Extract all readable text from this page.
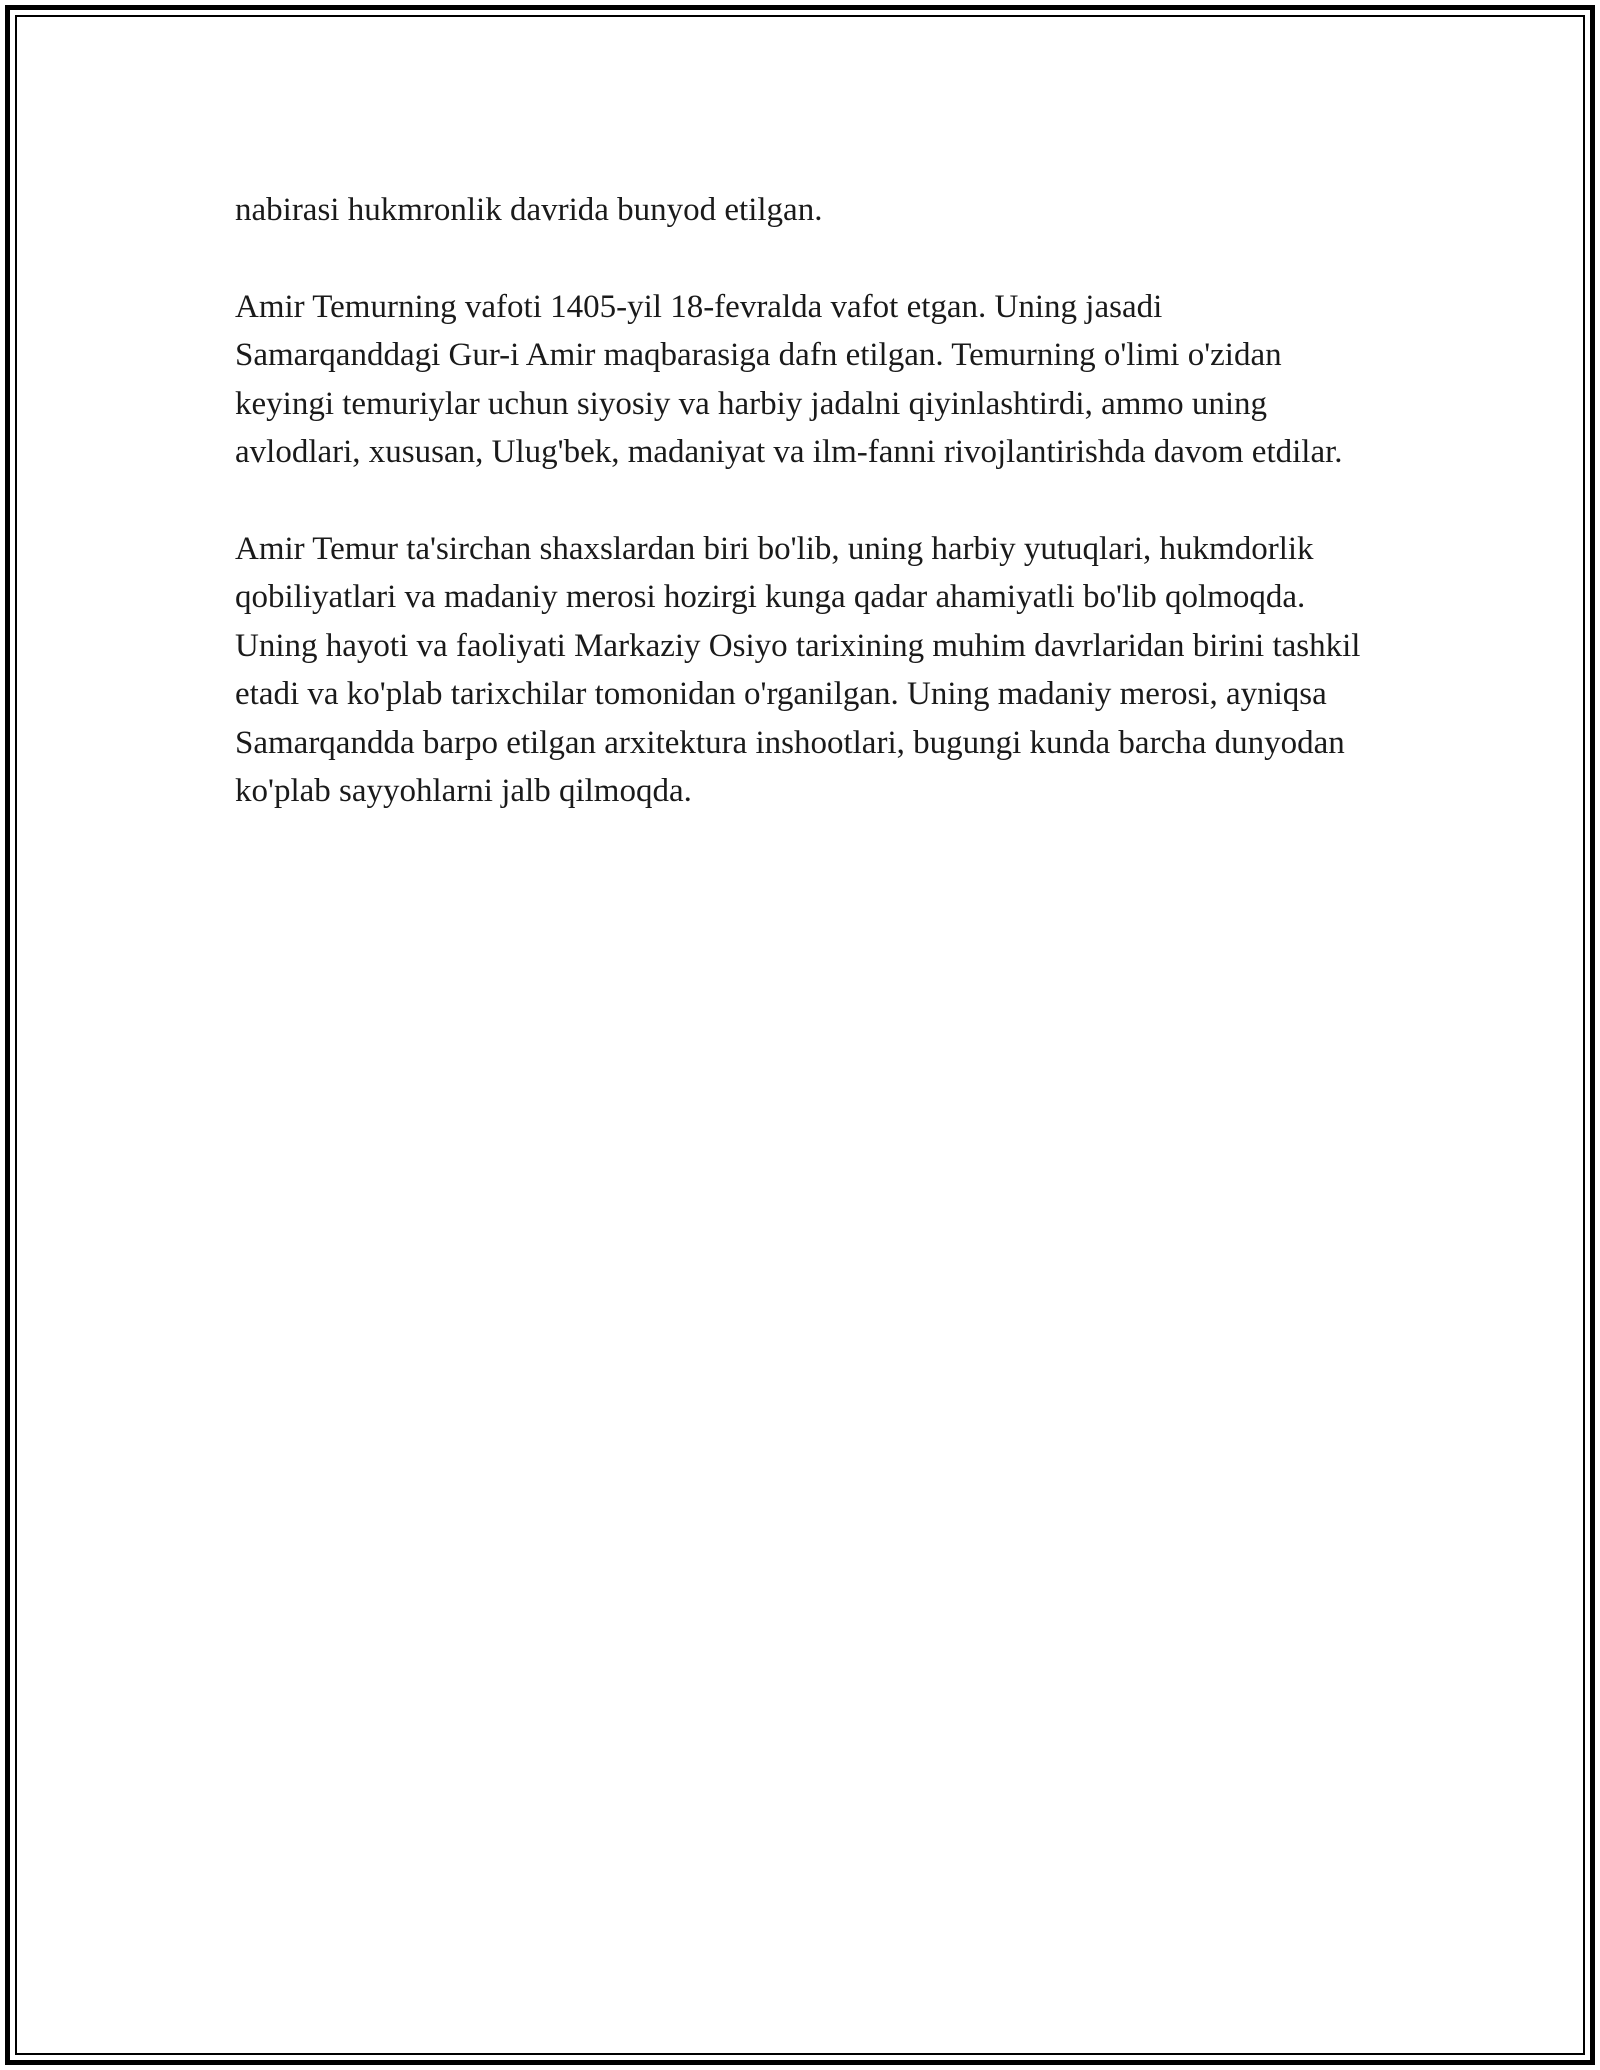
nabirasi hukmronlik davrida bunyod etilgan.

Amir Temurning vafoti 1405-yil 18-fevralda vafot etgan. Uning jasadi Samarqanddagi Gur-i Amir maqbarasiga dafn etilgan. Temurning o'limi o'zidan keyingi temuriylar uchun siyosiy va harbiy jadalni qiyinlashtirdi, ammo uning avlodlari, xususan, Ulug'bek, madaniyat va ilm-fanni rivojlantirishda davom etdilar.

Amir Temur ta'sirchan shaxslardan biri bo'lib, uning harbiy yutuqlari, hukmdorlik qobiliyatlari va madaniy merosi hozirgi kunga qadar ahamiyatli bo'lib qolmoqda. Uning hayoti va faoliyati Markaziy Osiyo tarixining muhim davrlaridan birini tashkil etadi va ko'plab tarixchilar tomonidan o'rganilgan. Uning madaniy merosi, ayniqsa Samarqandda barpo etilgan arxitektura inshootlari, bugungi kunda barcha dunyodan ko'plab sayyohlarni jalb qilmoqda.
